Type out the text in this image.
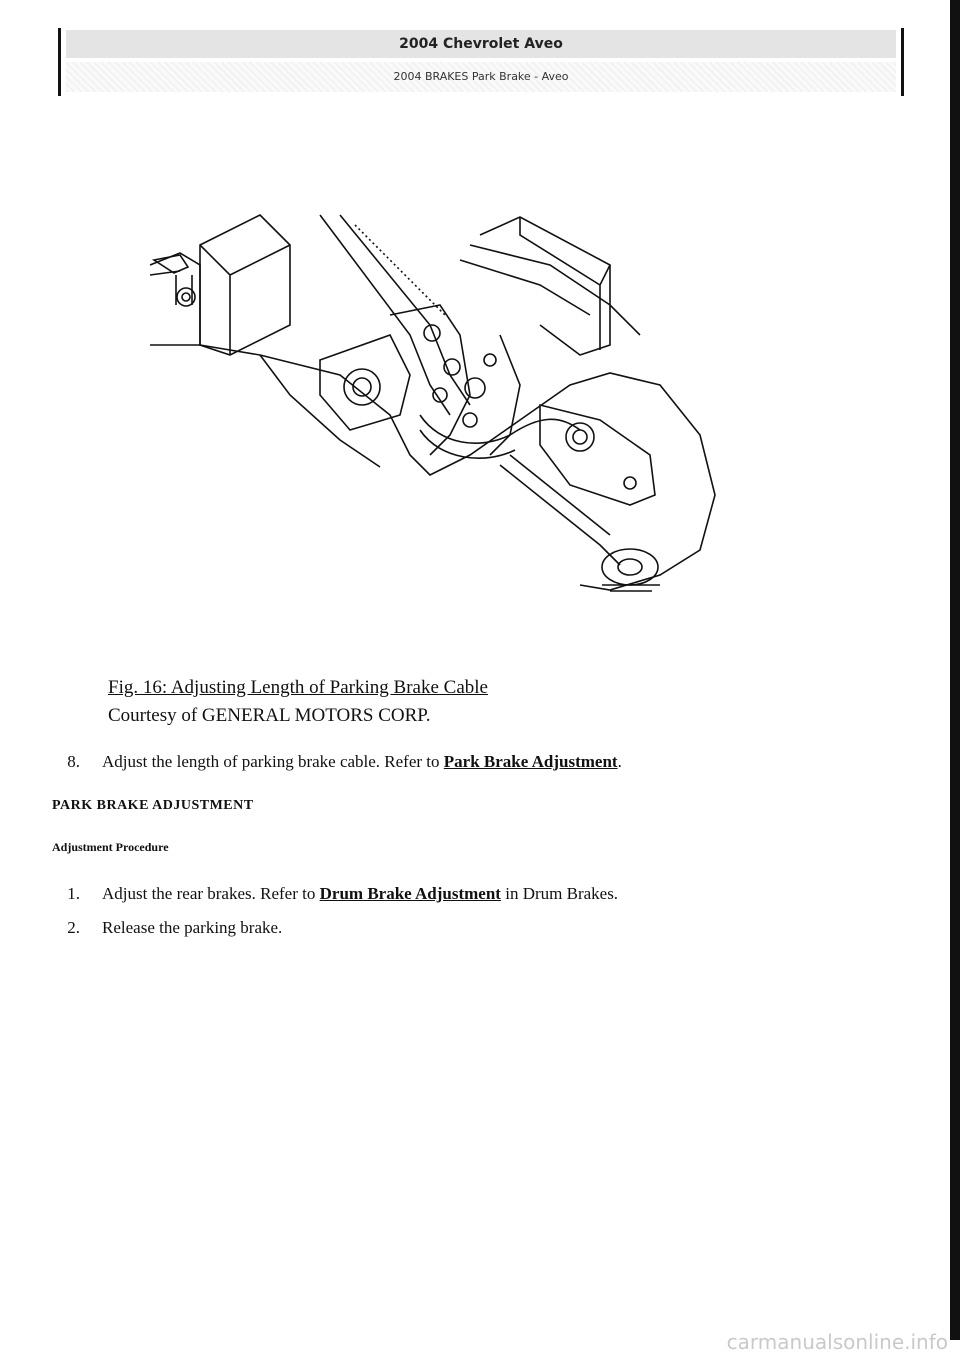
2004 Chevrolet Aveo
2004 BRAKES Park Brake - Aveo
Fig. 16: Adjusting Length of Parking Brake Cable
Courtesy of GENERAL MOTORS CORP.
8. Adjust the length of parking brake cable. Refer to Park Brake Adjustment.
PARK BRAKE ADJUSTMENT
Adjustment Procedure
1. Adjust the rear brakes. Refer to Drum Brake Adjustment in Drum Brakes.
2. Release the parking brake.
carmanualsonline.info
